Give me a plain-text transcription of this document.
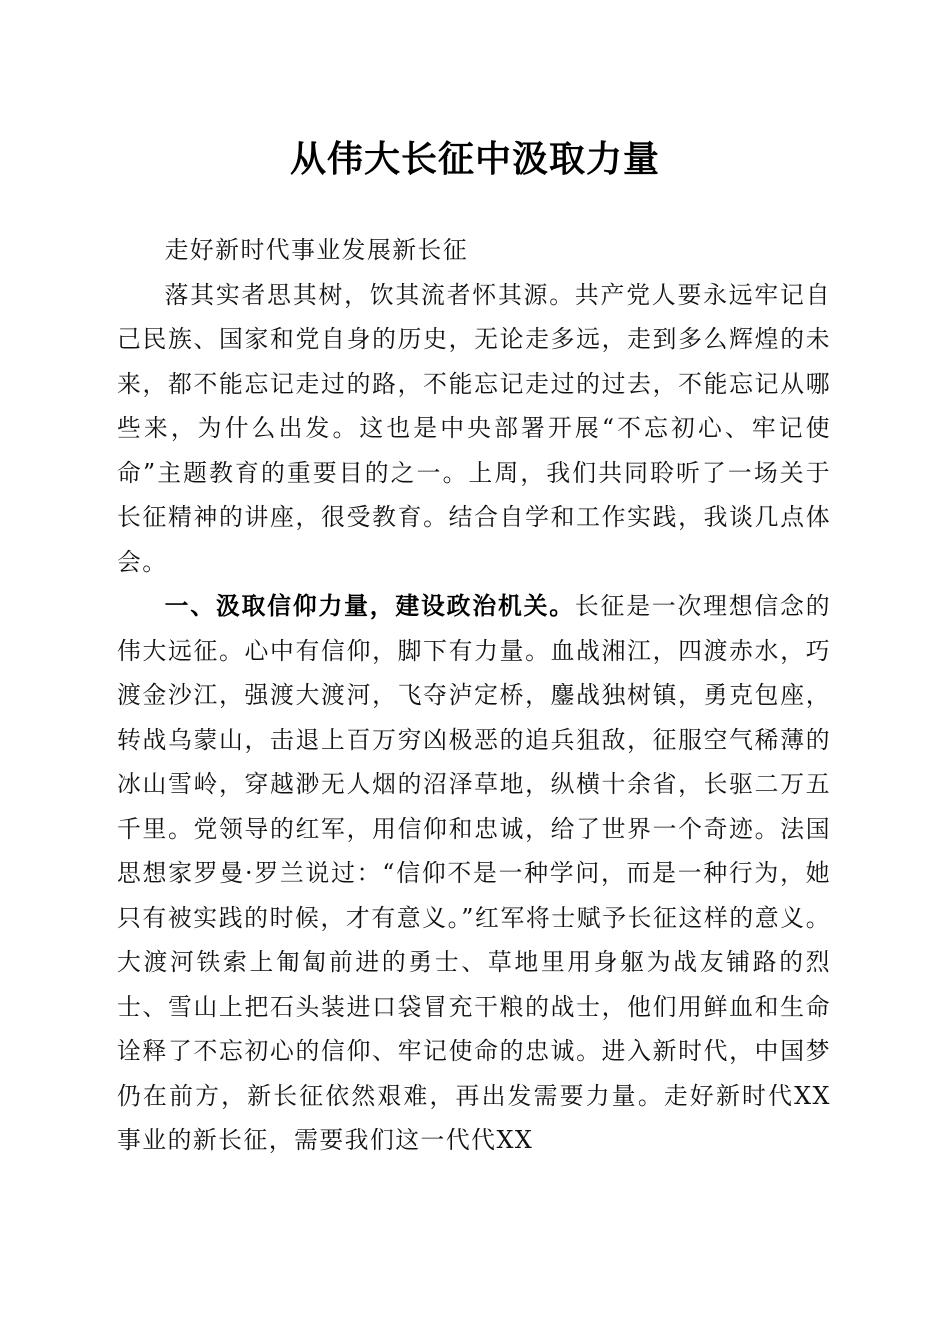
从伟大长征中汲取力量

走好新时代事业发展新长征

落其实者思其树，饮其流者怀其源。共产党人要永远牢记自己民族、国家和党自身的历史，无论走多远，走到多么辉煌的未来，都不能忘记走过的路，不能忘记走过的过去，不能忘记从哪些来，为什么出发。这也是中央部署开展“不忘初心、牢记使命”主题教育的重要目的之一。上周，我们共同聆听了一场关于长征精神的讲座，很受教育。结合自学和工作实践，我谈几点体会。

一、汲取信仰力量，建设政治机关。长征是一次理想信念的伟大远征。心中有信仰，脚下有力量。血战湘江，四渡赤水，巧渡金沙江，强渡大渡河，飞夺泸定桥，鏖战独树镇，勇克包座，转战乌蒙山，击退上百万穷凶极恶的追兵狙敌，征服空气稀薄的冰山雪岭，穿越渺无人烟的沼泽草地，纵横十余省，长驱二万五千里。党领导的红军，用信仰和忠诚，给了世界一个奇迹。法国思想家罗曼·罗兰说过：“信仰不是一种学问，而是一种行为，她只有被实践的时候，才有意义。”红军将士赋予长征这样的意义。大渡河铁索上匍匐前进的勇士、草地里用身躯为战友铺路的烈士、雪山上把石头装进口袋冒充干粮的战士，他们用鲜血和生命诠释了不忘初心的信仰、牢记使命的忠诚。进入新时代，中国梦仍在前方，新长征依然艰难，再出发需要力量。走好新时代XX事业的新长征，需要我们这一代代XX
